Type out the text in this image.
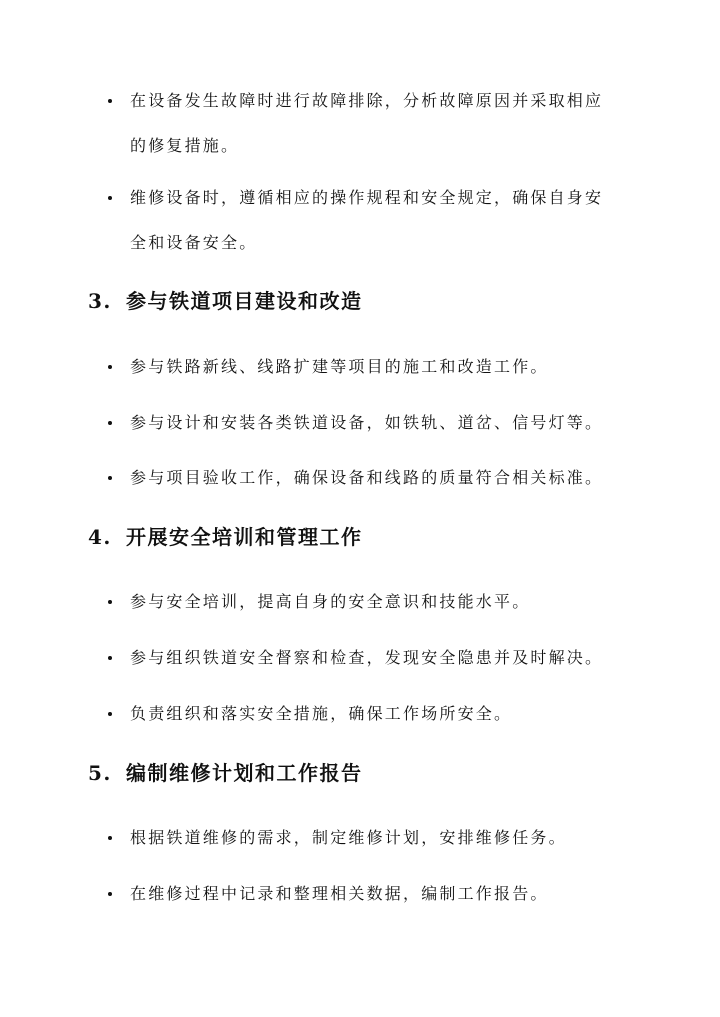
在设备发生故障时进行故障排除，分析故障原因并采取相应
的修复措施。
维修设备时，遵循相应的操作规程和安全规定，确保自身安
全和设备安全。
3. 参与铁道项目建设和改造
参与铁路新线、线路扩建等项目的施工和改造工作。
参与设计和安装各类铁道设备，如铁轨、道岔、信号灯等。
参与项目验收工作，确保设备和线路的质量符合相关标准。
4. 开展安全培训和管理工作
参与安全培训，提高自身的安全意识和技能水平。
参与组织铁道安全督察和检查，发现安全隐患并及时解决。
负责组织和落实安全措施，确保工作场所安全。
5. 编制维修计划和工作报告
根据铁道维修的需求，制定维修计划，安排维修任务。
在维修过程中记录和整理相关数据，编制工作报告。
